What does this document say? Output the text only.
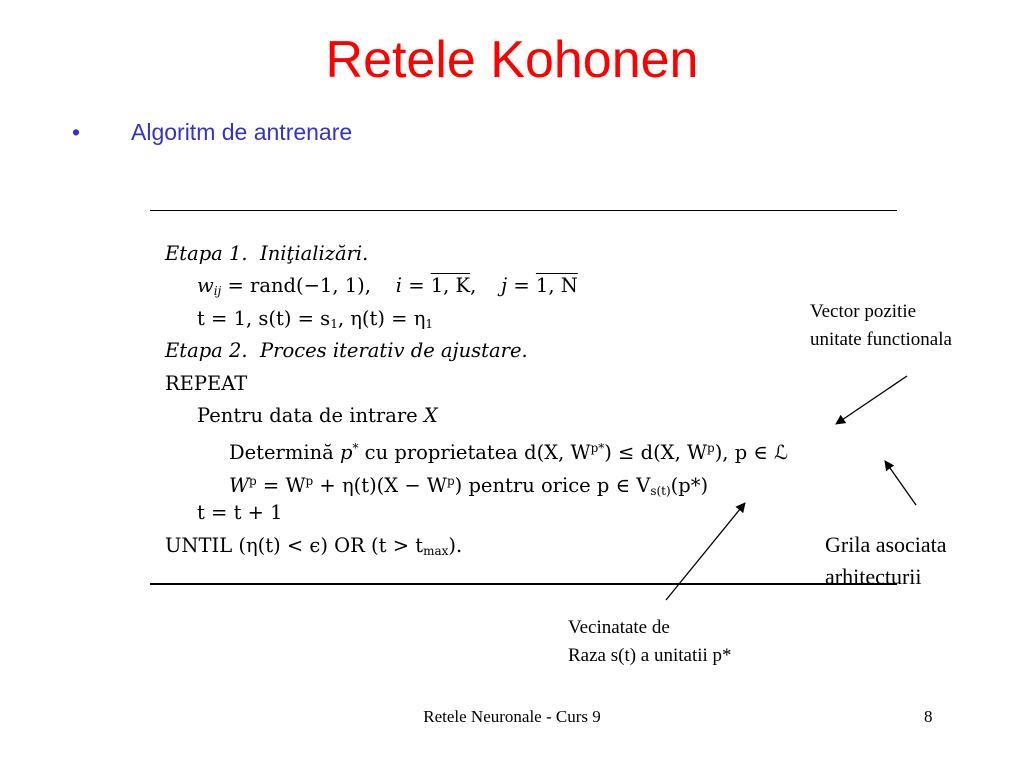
Retele Kohonen
• Algoritm de antrenare
Etapa 1. Iniţializări.
$w_{ij}$ = rand(−1, 1), i = 1, K, j = 1, N
t = 1, $s(t) = s_1$, $\eta(t) = \eta_1$
Etapa 2. Proces iterativ de ajustare.
REPEAT
Pentru data de intrare X
Determină p* cu proprietatea d(X, $W^{p*}) \le d(X$, $W^p$), p ∈ ℒ
$W^p = W^p + \eta(t)(X - W^p)$ pentru orice p ∈ $V_{s(t)}(p*)$
t = t + 1
UNTIL (η(t) < ϵ) OR $(t > t_{max})$.
Vector pozitie
unitate functionala
Grila asociata
arhitecturii
Vecinatate de
Raza s(t) a unitatii p*
Retele Neuronale - Curs 9	8
